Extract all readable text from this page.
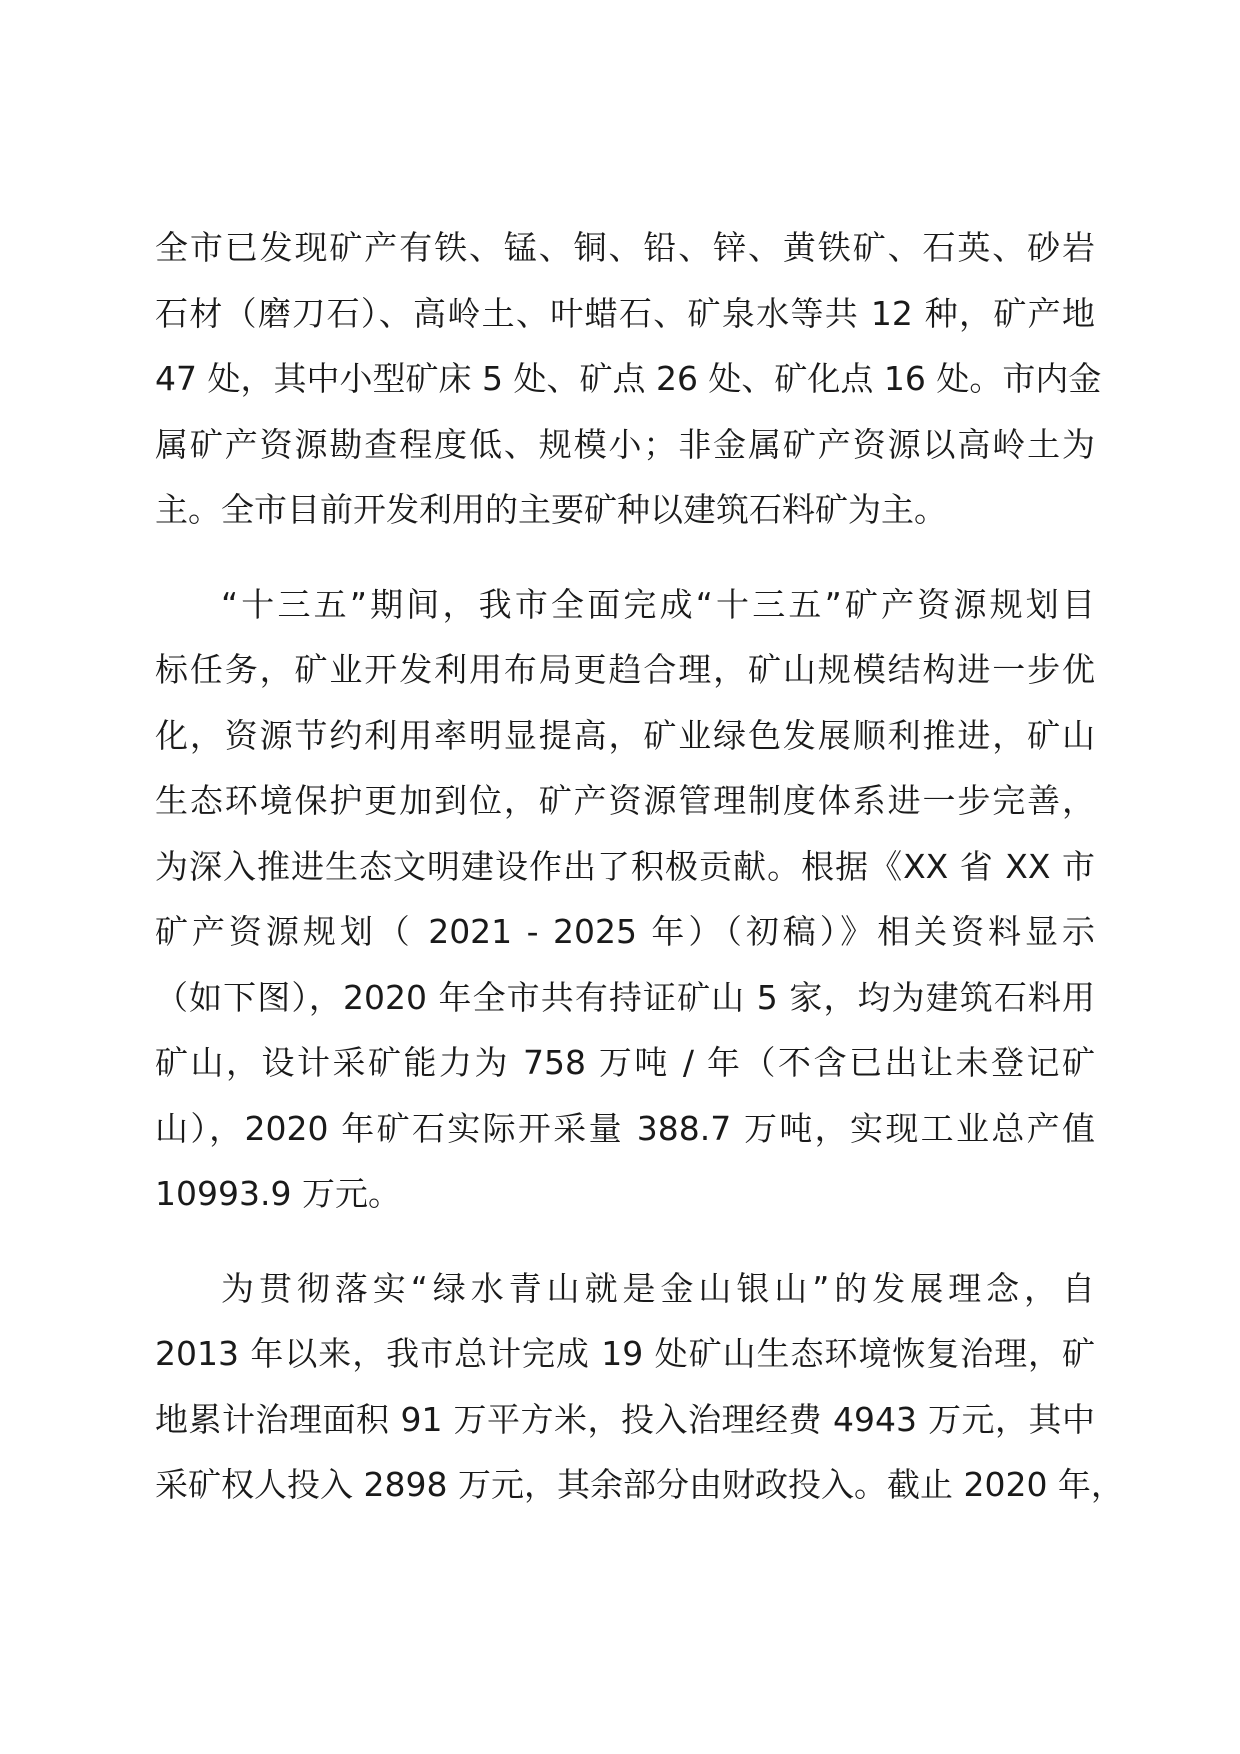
全市已发现矿产有铁、锰、铜、铅、锌、黄铁矿、石英、砂岩
石材（磨刀石）、高岭土、叶蜡石、矿泉水等共 12 种，矿产地
47 处，其中小型矿床 5 处、矿点 26 处、矿化点 16 处。市内金
属矿产资源勘查程度低、规模小；非金属矿产资源以高岭土为
主。全市目前开发利用的主要矿种以建筑石料矿为主。
“十三五”期间，我市全面完成“十三五”矿产资源规划目
标任务，矿业开发利用布局更趋合理，矿山规模结构进一步优
化，资源节约利用率明显提高，矿业绿色发展顺利推进，矿山
生态环境保护更加到位，矿产资源管理制度体系进一步完善，
为深入推进生态文明建设作出了积极贡献。根据《XX 省 XX 市
矿产资源规划（ 2021 - 2025 年）（初稿）》相关资料显示
（如下图），2020 年全市共有持证矿山 5 家，均为建筑石料用
矿山，设计采矿能力为 758 万吨 / 年（不含已出让未登记矿
山），2020 年矿石实际开采量 388.7 万吨，实现工业总产值
10993.9 万元。
为贯彻落实“绿水青山就是金山银山”的发展理念，自
2013 年以来，我市总计完成 19 处矿山生态环境恢复治理，矿
地累计治理面积 91 万平方米，投入治理经费 4943 万元，其中
采矿权人投入 2898 万元，其余部分由财政投入。截止 2020 年，
